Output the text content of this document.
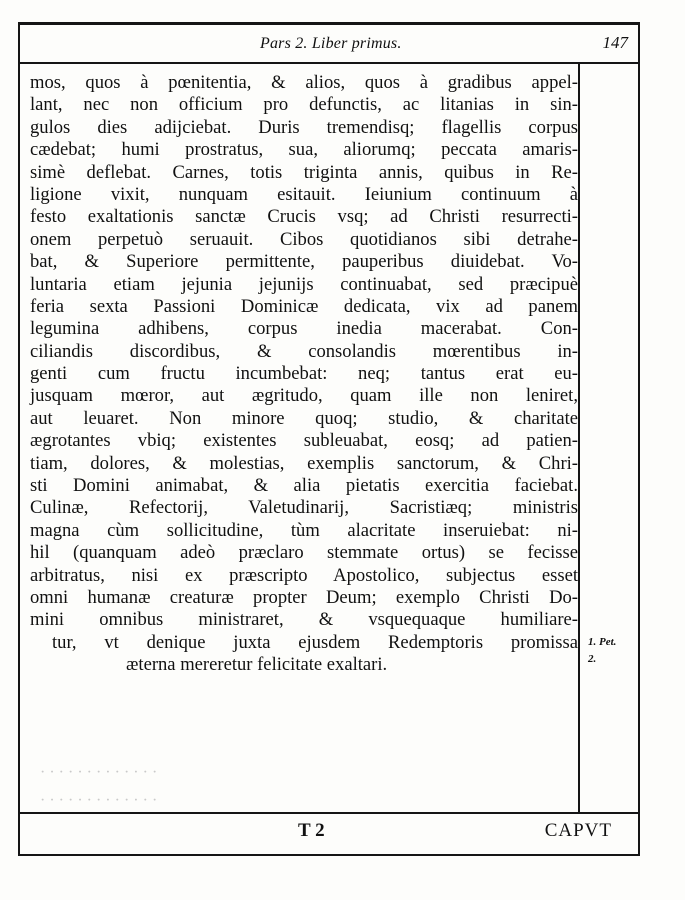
· · · · · · · · · · · · ·
· · · · · · · · · · · · ·
Pars 2. Liber primus.	147
mos, quos à pœnitentia, & alios, quos à gradibus appel-
lant, nec non officium pro defunctis, ac litanias in sin-
gulos dies adijciebat. Duris tremendisq; flagellis corpus
cædebat; humi prostratus, sua, aliorumq; peccata amaris-
simè deflebat. Carnes, totis triginta annis, quibus in Re-
ligione vixit, nunquam esitauit. Ieiunium continuum à
festo exaltationis sanctæ Crucis vsq; ad Christi resurrecti-
onem perpetuò seruauit. Cibos quotidianos sibi detrahe-
bat, & Superiore permittente, pauperibus diuidebat. Vo-
luntaria etiam jejunia jejunijs continuabat, sed præcipuè
feria sexta Passioni Dominicæ dedicata, vix ad panem
legumina adhibens, corpus inedia macerabat. Con-
ciliandis discordibus, & consolandis mœrentibus in-
genti cum fructu incumbebat: neq; tantus erat eu-
jusquam mœror, aut ægritudo, quam ille non leniret,
aut leuaret. Non minore quoq; studio, & charitate
ægrotantes vbiq; existentes subleuabat, eosq; ad patien-
tiam, dolores, & molestias, exemplis sanctorum, & Chri-
sti Domini animabat, & alia pietatis exercitia faciebat.
Culinæ, Refectorij, Valetudinarij, Sacristiæq; ministris
magna cùm sollicitudine, tùm alacritate inseruiebat: ni-
hil (quanquam adeò præclaro stemmate ortus) se fecisse
arbitratus, nisi ex præscripto Apostolico, subjectus esset
omni humanæ creaturæ propter Deum; exemplo Christi Do-
mini omnibus ministraret, & vsquequaque humiliare-
tur, vt denique juxta ejusdem Redemptoris promissa
æterna mereretur felicitate exaltari.
1. Pet.
2.
T 2	CAPVT
